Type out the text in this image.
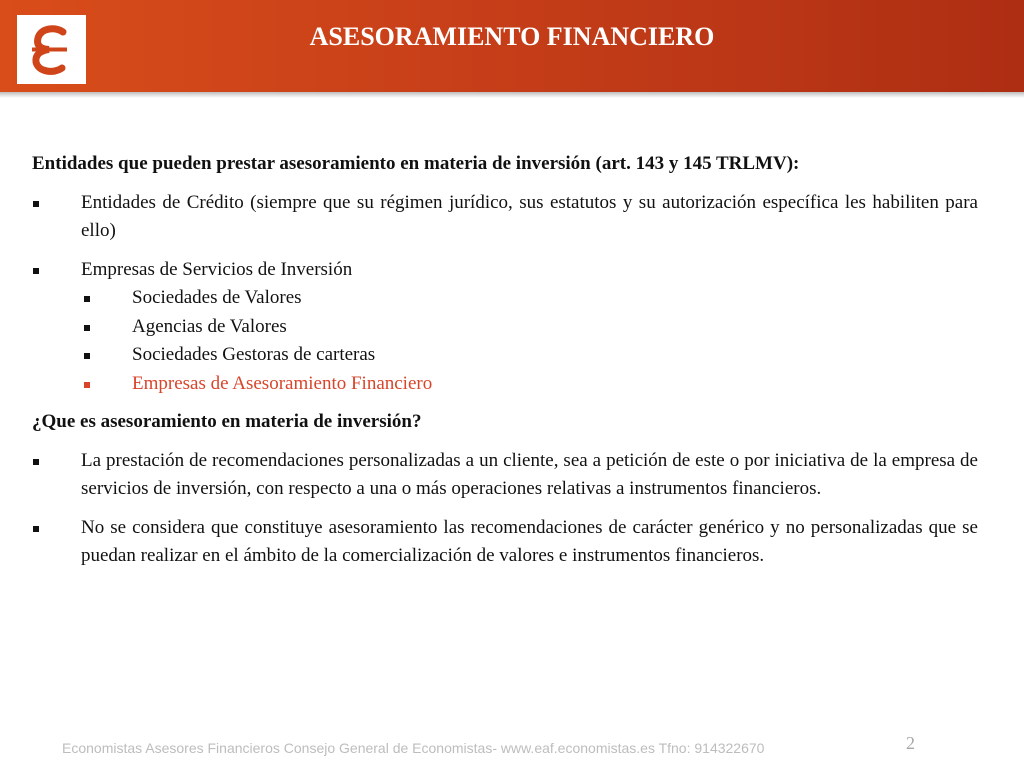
ASESORAMIENTO FINANCIERO

Entidades que pueden prestar asesoramiento en materia de inversión (art. 143 y 145 TRLMV):

Entidades de Crédito (siempre que su régimen jurídico, sus estatutos y su autorización específica les habiliten para ello)
Empresas de Servicios de Inversión
Sociedades de Valores
Agencias de Valores
Sociedades Gestoras de carteras
Empresas de Asesoramiento Financiero

¿Que es asesoramiento en materia de inversión?

La prestación de recomendaciones personalizadas a un cliente, sea a petición de este o por iniciativa de la empresa de servicios de inversión, con respecto a una o más operaciones relativas a instrumentos financieros.
No se considera que constituye asesoramiento las recomendaciones de carácter genérico y no personalizadas que se puedan realizar en el ámbito de la comercialización de valores e instrumentos financieros.
Economistas Asesores Financieros Consejo General de Economistas- www.eaf.economistas.es Tfno: 914322670	2
